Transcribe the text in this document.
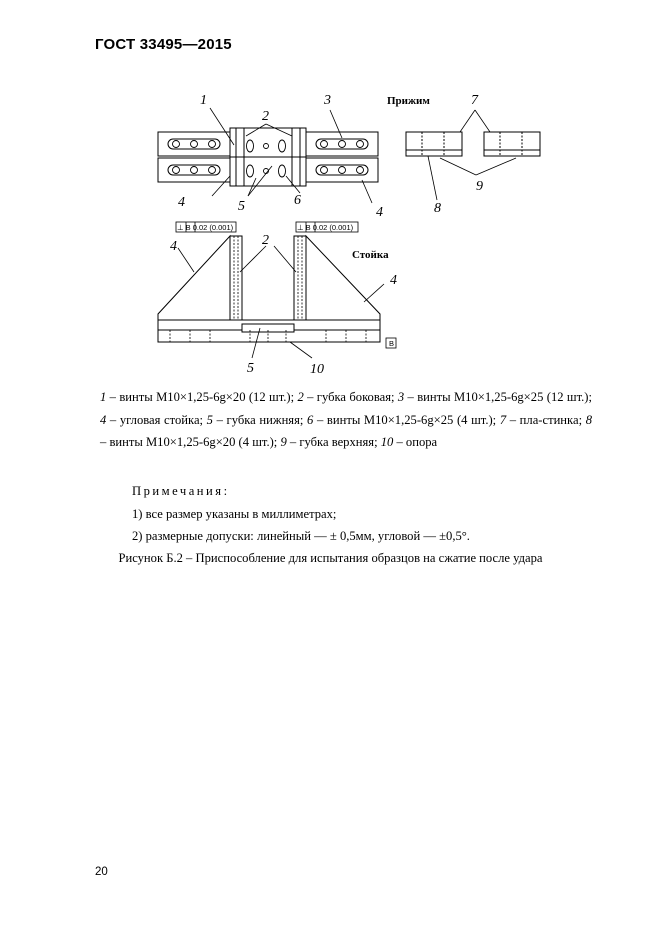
ГОСТ 33495—2015
1
2
3
4
4
5	6
Прижим	7
8
9
⊥ B 0.02 (0.001)	⊥ B 0.02 (0.001)
2
4
Стойка
4
B
5	10
1 – винты М10×1,25-6g×20 (12 шт.); 2 – губка боковая; 3 – винты М10×1,25-6g×25 (12 шт.); 4 – угловая стойка; 5 – губка нижняя; 6 – винты М10×1,25-6g×25 (4 шт.); 7 – пла-стинка; 8 – винты М10×1,25-6g×20 (4 шт.); 9 – губка верхняя; 10 – опора
Примечания:
1) все размер указаны в миллиметрах;
2) размерные допуски: линейный — ± 0,5мм, угловой — ±0,5°.
Рисунок Б.2 – Приспособление для испытания образцов на сжатие после удара
20
